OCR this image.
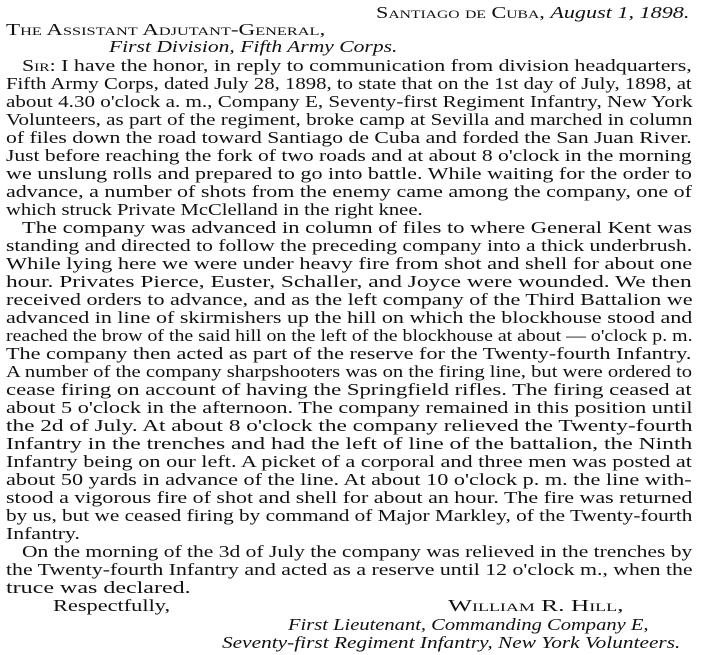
Santiago de Cuba, August 1, 1898.
The Assistant Adjutant-General,
First Division, Fifth Army Corps.
Sir: I have the honor, in reply to communication from division headquarters,
Fifth Army Corps, dated July 28, 1898, to state that on the 1st day of July, 1898, at
about 4.30 o'clock a. m., Company E, Seventy-first Regiment Infantry, New York
Volunteers, as part of the regiment, broke camp at Sevilla and marched in column
of files down the road toward Santiago de Cuba and forded the San Juan River.
Just before reaching the fork of two roads and at about 8 o'clock in the morning
we unslung rolls and prepared to go into battle. While waiting for the order to
advance, a number of shots from the enemy came among the company, one of
which struck Private McClelland in the right knee.
The company was advanced in column of files to where General Kent was
standing and directed to follow the preceding company into a thick underbrush.
While lying here we were under heavy fire from shot and shell for about one
hour. Privates Pierce, Euster, Schaller, and Joyce were wounded. We then
received orders to advance, and as the left company of the Third Battalion we
advanced in line of skirmishers up the hill on which the blockhouse stood and
reached the brow of the said hill on the left of the blockhouse at about — o'clock p. m.
The company then acted as part of the reserve for the Twenty-fourth Infantry.
A number of the company sharpshooters was on the firing line, but were ordered to
cease firing on account of having the Springfield rifles. The firing ceased at
about 5 o'clock in the afternoon. The company remained in this position until
the 2d of July. At about 8 o'clock the company relieved the Twenty-fourth
Infantry in the trenches and had the left of line of the battalion, the Ninth
Infantry being on our left. A picket of a corporal and three men was posted at
about 50 yards in advance of the line. At about 10 o'clock p. m. the line with-
stood a vigorous fire of shot and shell for about an hour. The fire was returned
by us, but we ceased firing by command of Major Markley, of the Twenty-fourth
Infantry.
On the morning of the 3d of July the company was relieved in the trenches by
the Twenty-fourth Infantry and acted as a reserve until 12 o'clock m., when the
truce was declared.
Respectfully,	William R. Hill,
First Lieutenant, Commanding Company E,
Seventy-first Regiment Infantry, New York Volunteers.
